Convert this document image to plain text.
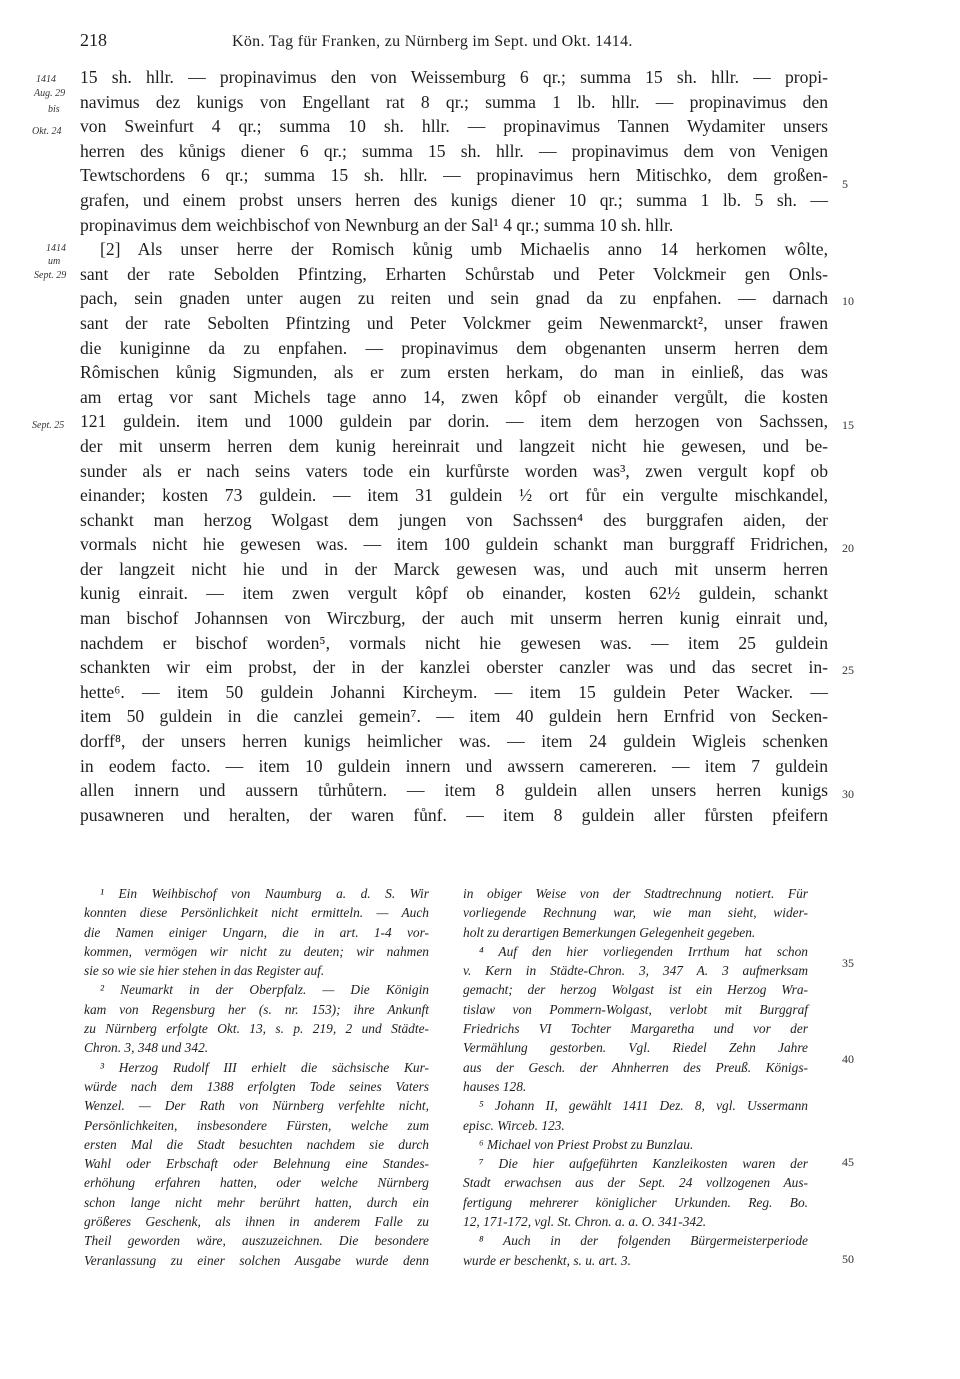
218	Kön. Tag für Franken, zu Nürnberg im Sept. und Okt. 1414.
1414
Aug. 29
bis
Okt. 24
1414
um
Sept. 29
Sept. 25
15 sh. hllr. — propinavimus den von Weissemburg 6 qr.; summa 15 sh. hllr. — propi-
navimus dez kunigs von Engellant rat 8 qr.; summa 1 lb. hllr. — propinavimus den
von Sweinfurt 4 qr.; summa 10 sh. hllr. — propinavimus Tannen Wydamiter unsers
herren des kůnigs diener 6 qr.; summa 15 sh. hllr. — propinavimus dem von Venigen
Tewtschordens 6 qr.; summa 15 sh. hllr. — propinavimus hern Mitischko, dem großen-
grafen, und einem probst unsers herren des kunigs diener 10 qr.; summa 1 lb. 5 sh. —
propinavimus dem weichbischof von Newnburg an der Sal¹ 4 qr.; summa 10 sh. hllr.
[2] Als unser herre der Romisch kůnig umb Michaelis anno 14 herkomen wôlte,
sant der rate Sebolden Pfintzing, Erharten Schůrstab und Peter Volckmeir gen Onls-
pach, sein gnaden unter augen zu reiten und sein gnad da zu enpfahen. — darnach
sant der rate Sebolten Pfintzing und Peter Volckmer geim Newenmarckt², unser frawen
die kuniginne da zu enpfahen. — propinavimus dem obgenanten unserm herren dem
Rômischen kůnig Sigmunden, als er zum ersten herkam, do man in einließ, das was
am ertag vor sant Michels tage anno 14, zwen kôpf ob einander vergůlt, die kosten
121 guldein. item und 1000 guldein par dorin. — item dem herzogen von Sachssen,
der mit unserm herren dem kunig hereinrait und langzeit nicht hie gewesen, und be-
sunder als er nach seins vaters tode ein kurfůrste worden was³, zwen vergult kopf ob
einander; kosten 73 guldein. — item 31 guldein ½ ort fůr ein vergulte mischkandel,
schankt man herzog Wolgast dem jungen von Sachssen⁴ des burggrafen aiden, der
vormals nicht hie gewesen was. — item 100 guldein schankt man burggraff Fridrichen,
der langzeit nicht hie und in der Marck gewesen was, und auch mit unserm herren
kunig einrait. — item zwen vergult kôpf ob einander, kosten 62½ guldein, schankt
man bischof Johannsen von Wirczburg, der auch mit unserm herren kunig einrait und,
nachdem er bischof worden⁵, vormals nicht hie gewesen was. — item 25 guldein
schankten wir eim probst, der in der kanzlei oberster canzler was und das secret in-
hette⁶. — item 50 guldein Johanni Kircheym. — item 15 guldein Peter Wacker. —
item 50 guldein in die canzlei gemein⁷. — item 40 guldein hern Ernfrid von Secken-
dorff⁸, der unsers herren kunigs heimlicher was. — item 24 guldein Wigleis schenken
in eodem facto. — item 10 guldein innern und awssern camereren. — item 7 guldein
allen innern und aussern tůrhůtern. — item 8 guldein allen unsers herren kunigs
pusawneren und heralten, der waren fůnf. — item 8 guldein aller fůrsten pfeifern
5
10
15
20
25
30
35
40
45
50
¹ Ein Weihbischof von Naumburg a. d. S. Wir
konnten diese Persönlichkeit nicht ermitteln. — Auch
die Namen einiger Ungarn, die in art. 1-4 vor-
kommen, vermögen wir nicht zu deuten; wir nahmen
sie so wie sie hier stehen in das Register auf.
² Neumarkt in der Oberpfalz. — Die Königin
kam von Regensburg her (s. nr. 153); ihre Ankunft
zu Nürnberg erfolgte Okt. 13, s. p. 219, 2 und Städte-
Chron. 3, 348 und 342.
³ Herzog Rudolf III erhielt die sächsische Kur-
würde nach dem 1388 erfolgten Tode seines Vaters
Wenzel. — Der Rath von Nürnberg verfehlte nicht,
Persönlichkeiten, insbesondere Fürsten, welche zum
ersten Mal die Stadt besuchten nachdem sie durch
Wahl oder Erbschaft oder Belehnung eine Standes-
erhöhung erfahren hatten, oder welche Nürnberg
schon lange nicht mehr berührt hatten, durch ein
größeres Geschenk, als ihnen in anderem Falle zu
Theil geworden wäre, auszuzeichnen. Die besondere
Veranlassung zu einer solchen Ausgabe wurde denn
in obiger Weise von der Stadtrechnung notiert. Für
vorliegende Rechnung war, wie man sieht, wider-
holt zu derartigen Bemerkungen Gelegenheit gegeben.
⁴ Auf den hier vorliegenden Irrthum hat schon
v. Kern in Städte-Chron. 3, 347 A. 3 aufmerksam
gemacht; der herzog Wolgast ist ein Herzog Wra-
tislaw von Pommern-Wolgast, verlobt mit Burggraf
Friedrichs VI Tochter Margaretha und vor der
Vermählung gestorben. Vgl. Riedel Zehn Jahre
aus der Gesch. der Ahnherren des Preuß. Königs-
hauses 128.
⁵ Johann II, gewählt 1411 Dez. 8, vgl. Ussermann
episc. Wirceb. 123.
⁶ Michael von Priest Probst zu Bunzlau.
⁷ Die hier aufgeführten Kanzleikosten waren der
Stadt erwachsen aus der Sept. 24 vollzogenen Aus-
fertigung mehrerer königlicher Urkunden. Reg. Bo.
12, 171-172, vgl. St. Chron. a. a. O. 341-342.
⁸ Auch in der folgenden Bürgermeisterperiode
wurde er beschenkt, s. u. art. 3.
